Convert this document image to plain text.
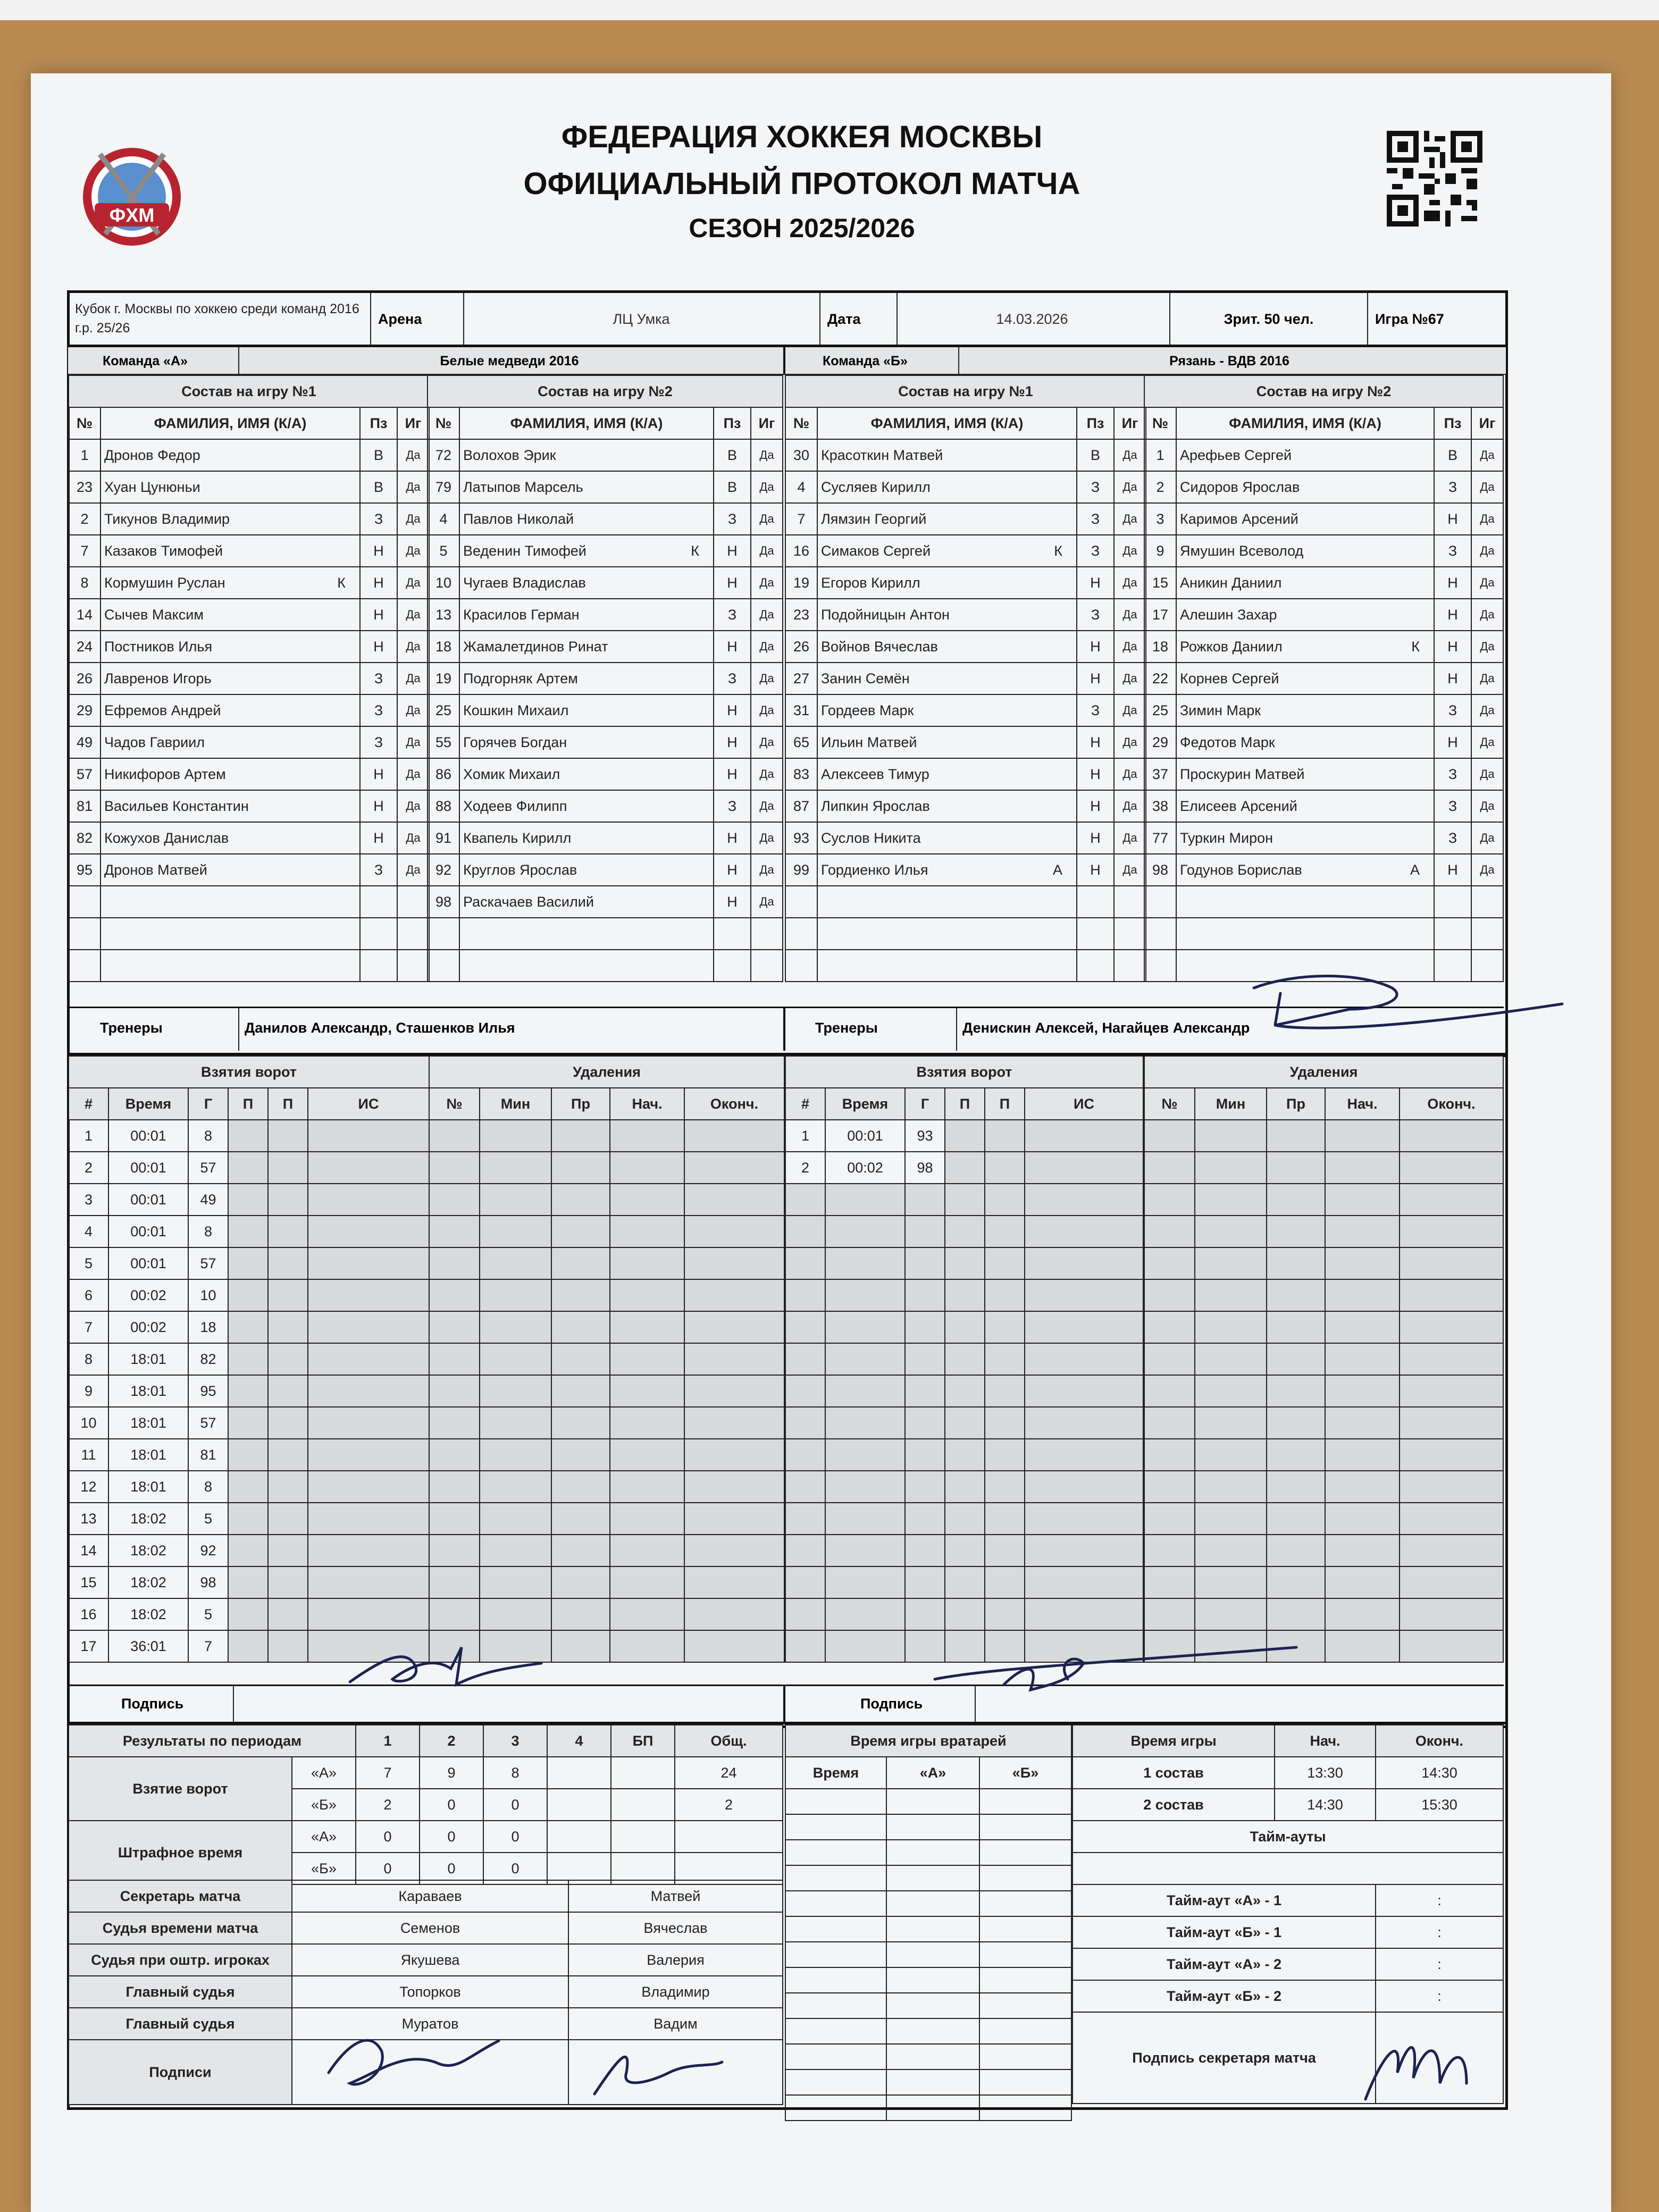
ФХМ
ФЕДЕРАЦИЯ ХОККЕЯ МОСКВЫ
ОФИЦИАЛЬНЫЙ ПРОТОКОЛ МАТЧА
СЕЗОН 2025/2026
Кубок г. Москвы по хоккею среди команд 2016 г.р. 25/26
Арена	ЛЦ Умка	Дата	14.03.2026	Зрит. 50 чел.	Игра №67
Команда «А»	Белые медведи 2016	Команда «Б»	Рязань - ВДВ 2016
Состав на игру №1			
№	ФАМИЛИЯ, ИМЯ (К/А)	Пз	Иг
1	Дронов Федор	В	Да
23	Хуан Цунюньи	В	Да
2	Тикунов Владимир	З	Да
7	Казаков Тимофей	Н	Да
8	Кормушин Руслан К	Н	Да
14	Сычев Максим	Н	Да
24	Постников Илья	Н	Да
26	Лавренов Игорь	З	Да
29	Ефремов Андрей	З	Да
49	Чадов Гавриил	З	Да
57	Никифоров Артем	Н	Да
81	Васильев Константин	Н	Да
82	Кожухов Данислав	Н	Да
95	Дронов Матвей	З	Да

Состав на игру №2			
№	ФАМИЛИЯ, ИМЯ (К/А)	Пз	Иг
72	Волохов Эрик	В	Да
79	Латыпов Марсель	В	Да
4	Павлов Николай	З	Да
5	Веденин Тимофей К	Н	Да
10	Чугаев Владислав	Н	Да
13	Красилов Герман	З	Да
18	Жамалетдинов Ринат	Н	Да
19	Подгорняк Артем	З	Да
25	Кошкин Михаил	Н	Да
55	Горячев Богдан	Н	Да
86	Хомик Михаил	Н	Да
88	Ходеев Филипп	З	Да
91	Квапель Кирилл	Н	Да
92	Круглов Ярослав	Н	Да
98	Раскачаев Василий	Н	Да

Состав на игру №1			
№	ФАМИЛИЯ, ИМЯ (К/А)	Пз	Иг
30	Красоткин Матвей	В	Да
4	Сусляев Кирилл	З	Да
7	Лямзин Георгий	З	Да
16	Симаков Сергей К	З	Да
19	Егоров Кирилл	Н	Да
23	Подойницын Антон	З	Да
26	Войнов Вячеслав	Н	Да
27	Занин Семён	Н	Да
31	Гордеев Марк	З	Да
65	Ильин Матвей	Н	Да
83	Алексеев Тимур	Н	Да
87	Липкин Ярослав	Н	Да
93	Суслов Никита	Н	Да
99	Гордиенко Илья А	Н	Да

Состав на игру №2			
№	ФАМИЛИЯ, ИМЯ (К/А)	Пз	Иг
1	Арефьев Сергей	В	Да
2	Сидоров Ярослав	З	Да
3	Каримов Арсений	Н	Да
9	Ямушин Всеволод	З	Да
15	Аникин Даниил	Н	Да
17	Алешин Захар	Н	Да
18	Рожков Даниил К	Н	Да
22	Корнев Сергей	Н	Да
25	Зимин Марк	З	Да
29	Федотов Марк	Н	Да
37	Проскурин Матвей	З	Да
38	Елисеев Арсений	З	Да
77	Туркин Мирон	З	Да
98	Годунов Борислав А	Н	Да

Тренеры	Данилов Александр, Сташенков Илья	Тренеры	Денискин Алексей, Нагайцев Александр
Взятия ворот					
#	Время	Г	П	П	ИС
1	00:01	8			
2	00:01	57			
3	00:01	49			
4	00:01	8			
5	00:01	57			
6	00:02	10			
7	00:02	18			
8	18:01	82			
9	18:01	95			
10	18:01	57			
11	18:01	81			
12	18:01	8			
13	18:02	5			
14	18:02	92			
15	18:02	98			
16	18:02	5			
17	36:01	7			
Удаления				
№	Мин	Пр	Нач.	Оконч.

Взятия ворот					
#	Время	Г	П	П	ИС
1	00:01	93			
2	00:02	98			

Удаления				
№	Мин	Пр	Нач.	Оконч.

Подпись	Подпись
Результаты по периодам		1	2	3	4	БП	Общ.
Взятие ворот	«А»	7	9	8			24
	«Б»	2	0	0			2
Штрафное время	«А»	0	0	0			
	«Б»	0	0	0			
Секретарь матча	Караваев	Матвей
Судья времени матча	Семенов	Вячеслав
Судья при оштр. игроках	Якушева	Валерия
Главный судья	Топорков	Владимир
Главный судья	Муратов	Вадим
Подписи		
Время игры вратарей		
Время	«А»	«Б»

Время игры	Нач.	Оконч.
1 состав	13:30	14:30
2 состав	14:30	15:30
Тайм-ауты		

Тайм-аут «А» - 1		:
Тайм-аут «Б» - 1		:
Тайм-аут «А» - 2		:
Тайм-аут «Б» - 2		:
Подпись секретаря матча		
